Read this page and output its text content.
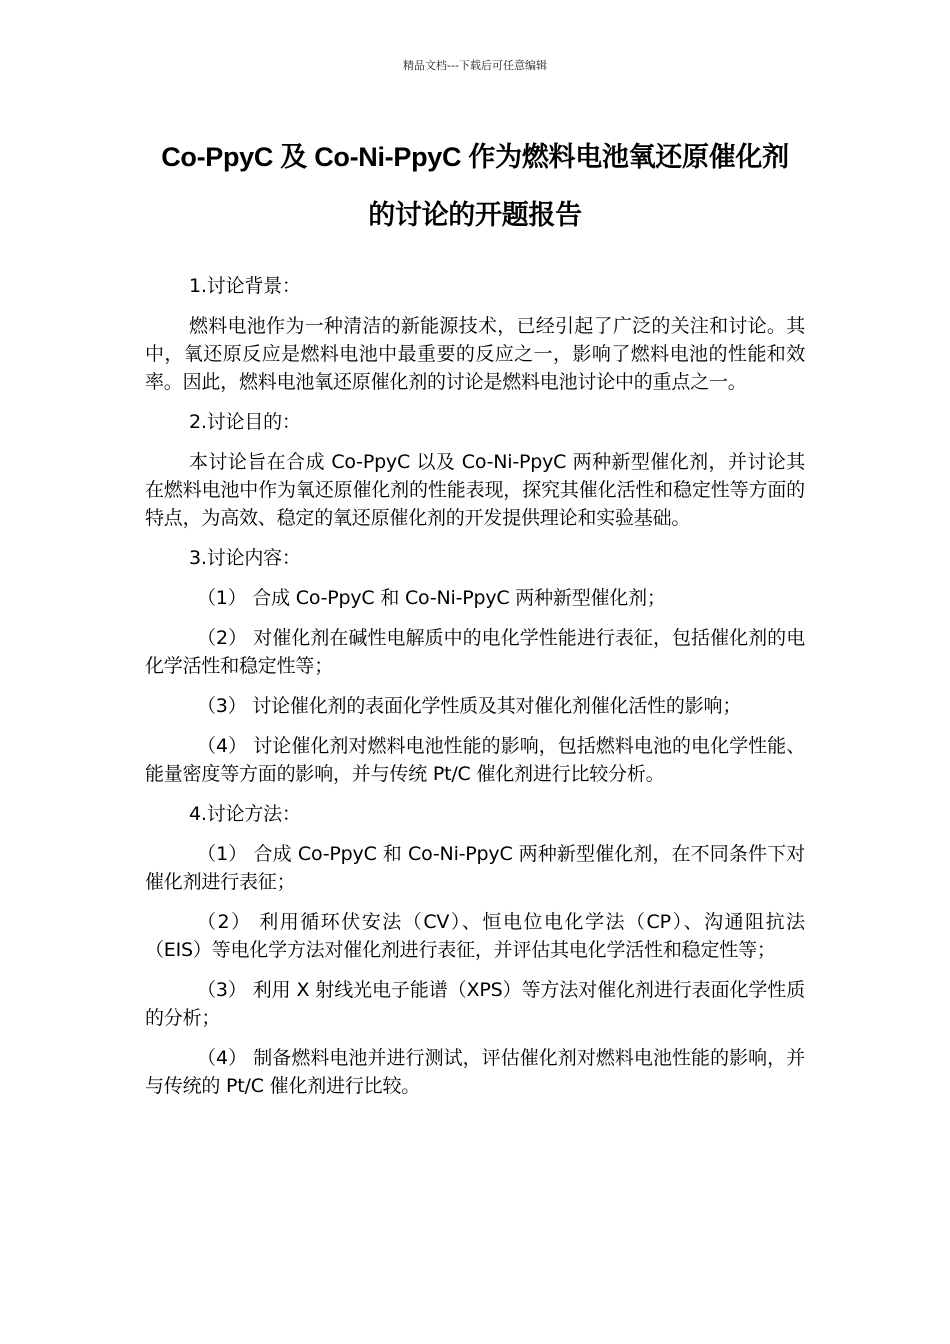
精品文档---下载后可任意编辑
Co-PpyC 及 Co-Ni-PpyC 作为燃料电池氧还原催化剂
的讨论的开题报告

1.讨论背景：

燃料电池作为一种清洁的新能源技术，已经引起了广泛的关注和讨论。其中，氧还原反应是燃料电池中最重要的反应之一，影响了燃料电池的性能和效率。因此，燃料电池氧还原催化剂的讨论是燃料电池讨论中的重点之一。

2.讨论目的：

本讨论旨在合成 Co-PpyC 以及 Co-Ni-PpyC 两种新型催化剂，并讨论其在燃料电池中作为氧还原催化剂的性能表现，探究其催化活性和稳定性等方面的特点，为高效、稳定的氧还原催化剂的开发提供理论和实验基础。

3.讨论内容：

（1） 合成 Co-PpyC 和 Co-Ni-PpyC 两种新型催化剂；

（2） 对催化剂在碱性电解质中的电化学性能进行表征，包括催化剂的电化学活性和稳定性等；

（3） 讨论催化剂的表面化学性质及其对催化剂催化活性的影响；

（4） 讨论催化剂对燃料电池性能的影响，包括燃料电池的电化学性能、能量密度等方面的影响，并与传统 Pt/C 催化剂进行比较分析。

4.讨论方法：

（1） 合成 Co-PpyC 和 Co-Ni-PpyC 两种新型催化剂，在不同条件下对催化剂进行表征；

（2） 利用循环伏安法（CV）、恒电位电化学法（CP）、沟通阻抗法（EIS）等电化学方法对催化剂进行表征，并评估其电化学活性和稳定性等；

（3） 利用 X 射线光电子能谱（XPS）等方法对催化剂进行表面化学性质的分析；

（4） 制备燃料电池并进行测试，评估催化剂对燃料电池性能的影响，并与传统的 Pt/C 催化剂进行比较。
